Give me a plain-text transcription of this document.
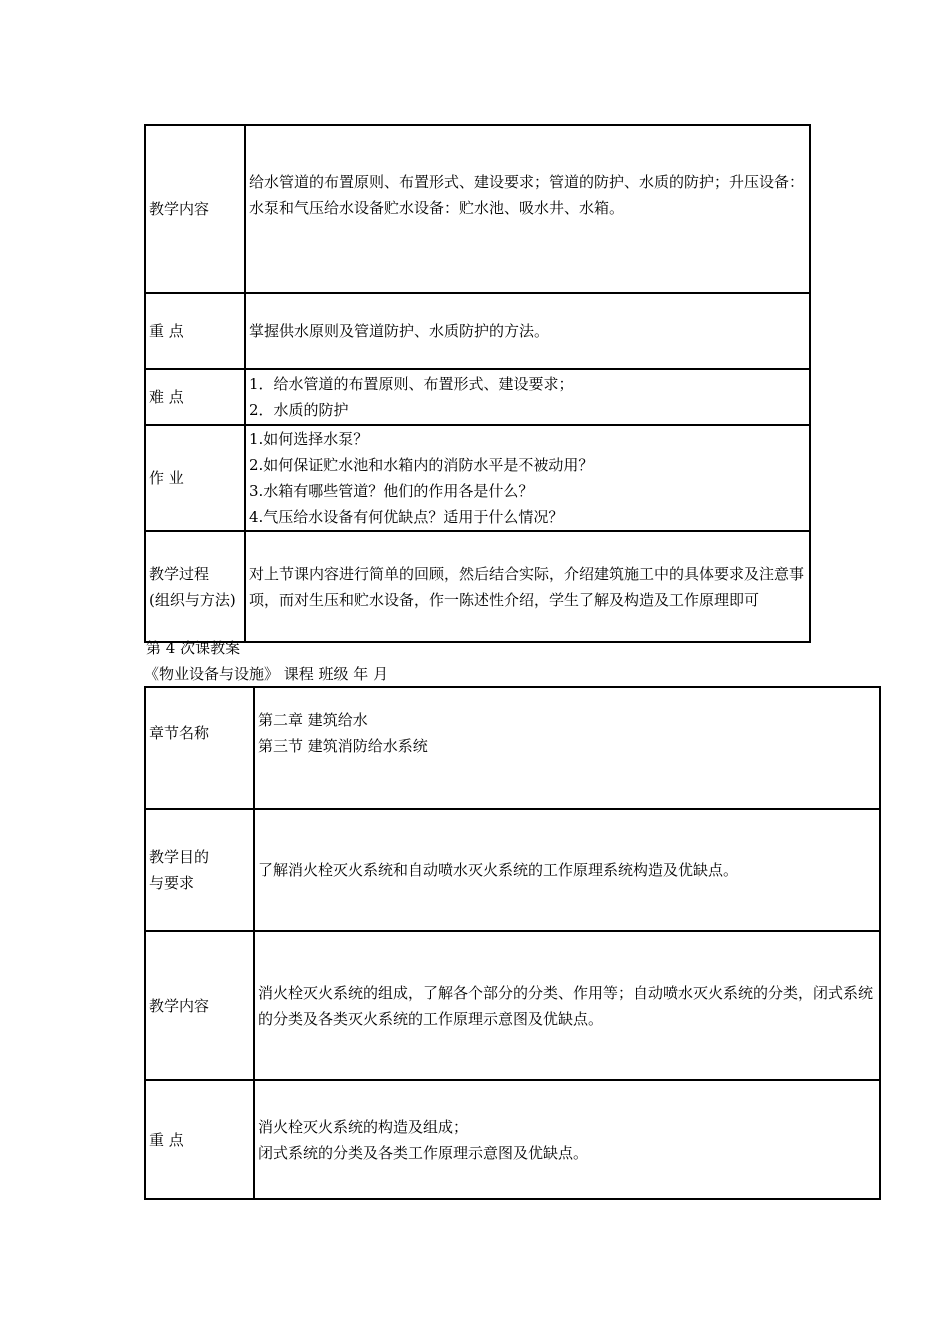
教学内容	给水管道的布置原则、布置形式、建设要求；管道的防护、水质的防护；升压设备：水泵和气压给水设备贮水设备：贮水池、吸水井、水箱。

重 点	掌握供水原则及管道防护、水质防护的方法。

难 点	1．给水管道的布置原则、布置形式、建设要求；
2．水质的防护

作 业	1.如何选择水泵？
2.如何保证贮水池和水箱内的消防水平是不被动用？
3.水箱有哪些管道？他们的作用各是什么？
4.气压给水设备有何优缺点？适用于什么情况？

教学过程
(组织与方法)	对上节课内容进行简单的回顾，然后结合实际，介绍建筑施工中的具体要求及注意事项，而对生压和贮水设备，作一陈述性介绍，学生了解及构造及工作原理即可
第 4 次课教案
《物业设备与设施》 课程 班级 年 月
章节名称	第二章 建筑给水
第三节 建筑消防给水系统

教学目的
与要求	了解消火栓灭火系统和自动喷水灭火系统的工作原理系统构造及优缺点。

教学内容	消火栓灭火系统的组成，了解各个部分的分类、作用等；自动喷水灭火系统的分类，闭式系统的分类及各类灭火系统的工作原理示意图及优缺点。

重 点	消火栓灭火系统的构造及组成；
闭式系统的分类及各类工作原理示意图及优缺点。
